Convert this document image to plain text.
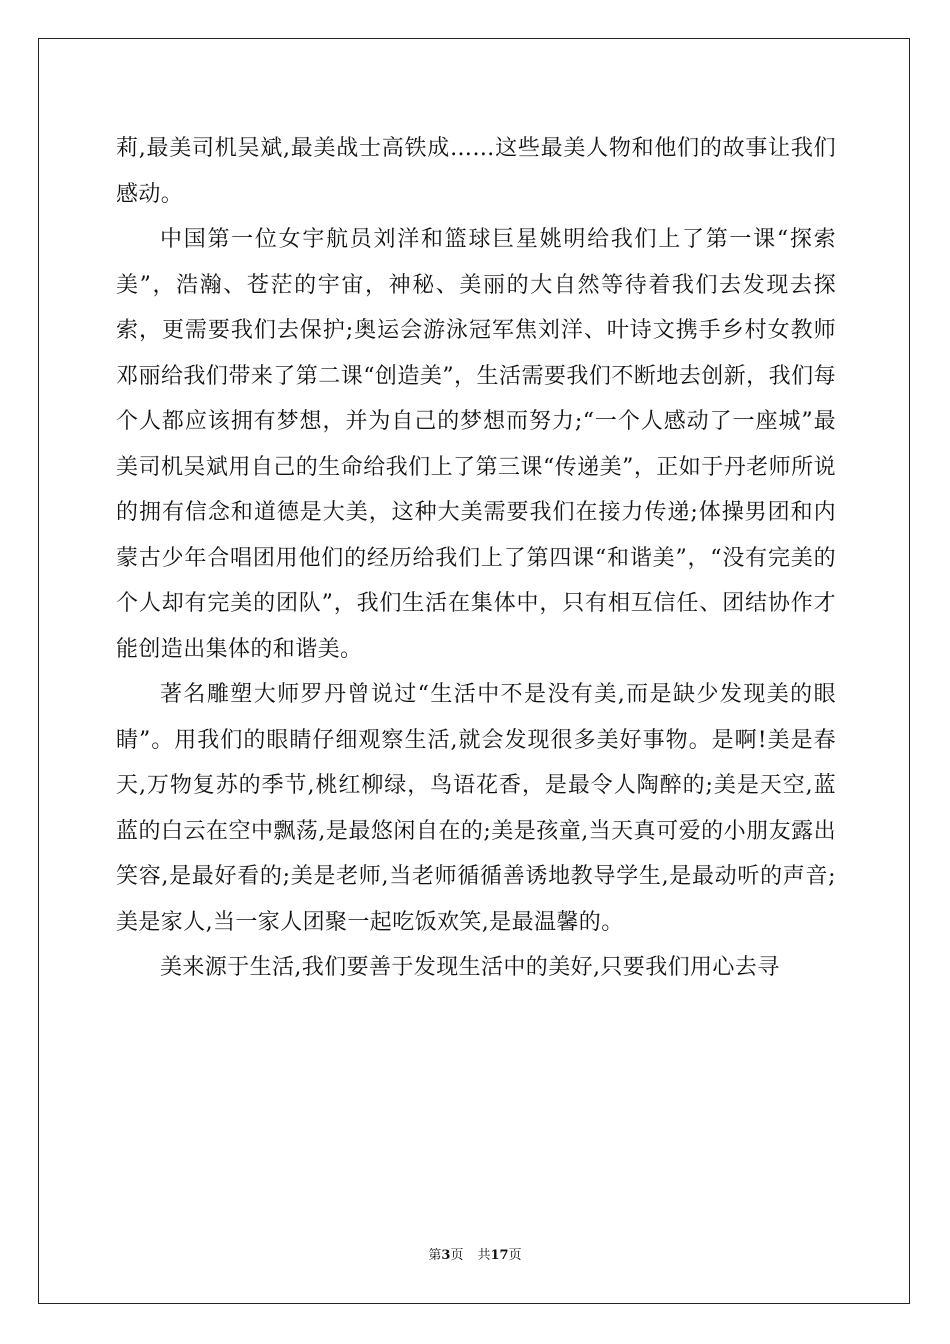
莉,最美司机吴斌,最美战士高铁成……这些最美人物和他们的故事让我们感动。

中国第一位女宇航员刘洋和篮球巨星姚明给我们上了第一课“探索美”，浩瀚、苍茫的宇宙，神秘、美丽的大自然等待着我们去发现去探索，更需要我们去保护;奥运会游泳冠军焦刘洋、叶诗文携手乡村女教师邓丽给我们带来了第二课“创造美”，生活需要我们不断地去创新，我们每个人都应该拥有梦想，并为自己的梦想而努力;“一个人感动了一座城”最美司机吴斌用自己的生命给我们上了第三课“传递美”，正如于丹老师所说的拥有信念和道德是大美，这种大美需要我们在接力传递;体操男团和内蒙古少年合唱团用他们的经历给我们上了第四课“和谐美”，“没有完美的个人却有完美的团队”，我们生活在集体中，只有相互信任、团结协作才能创造出集体的和谐美。

著名雕塑大师罗丹曾说过“生活中不是没有美,而是缺少发现美的眼睛”。用我们的眼睛仔细观察生活,就会发现很多美好事物。是啊!美是春天,万物复苏的季节,桃红柳绿，鸟语花香，是最令人陶醉的;美是天空,蓝蓝的白云在空中飘荡,是最悠闲自在的;美是孩童,当天真可爱的小朋友露出笑容,是最好看的;美是老师,当老师循循善诱地教导学生,是最动听的声音;美是家人,当一家人团聚一起吃饭欢笑,是最温馨的。

美来源于生活,我们要善于发现生活中的美好,只要我们用心去寻

第3页 共17页
